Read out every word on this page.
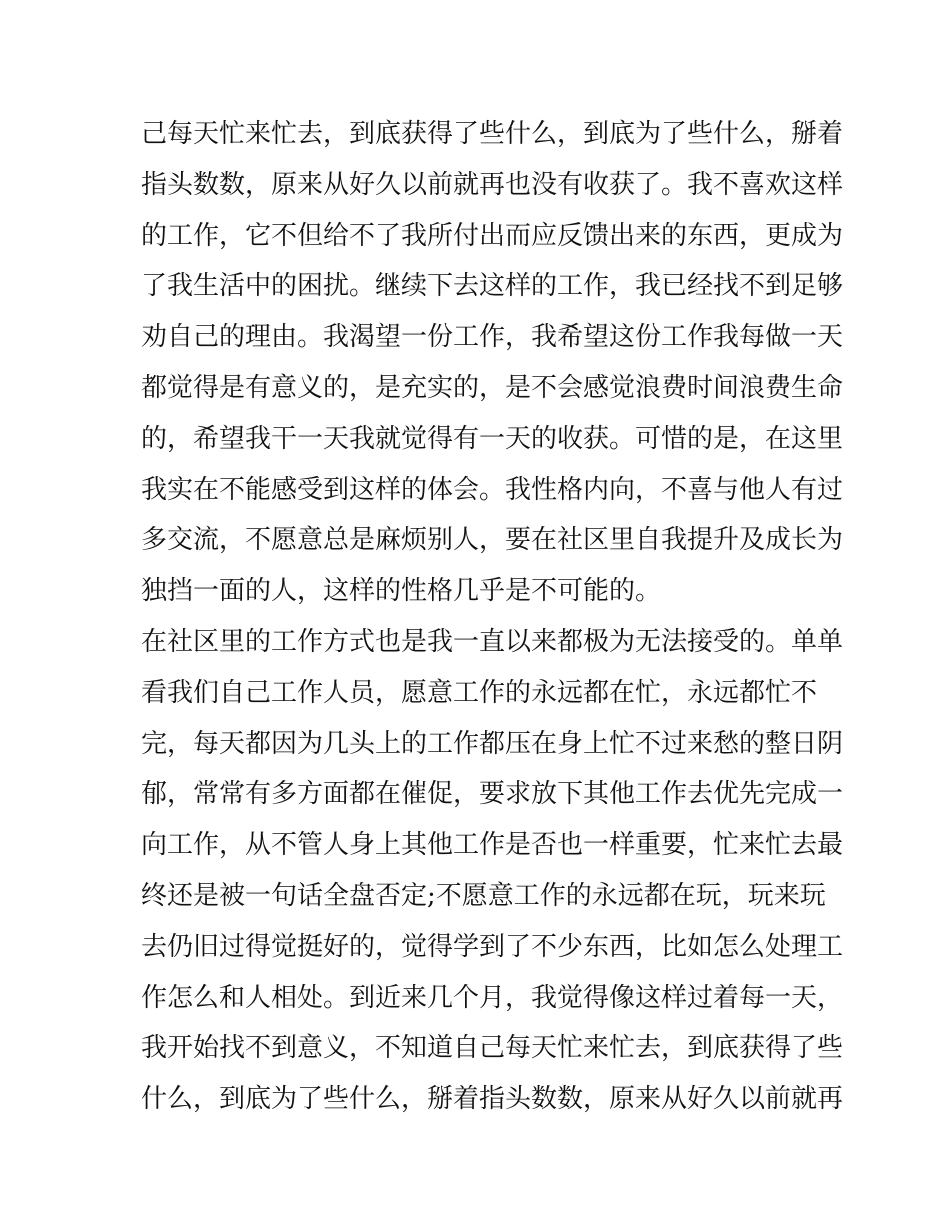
己每天忙来忙去，到底获得了些什么，到底为了些什么，掰着
指头数数，原来从好久以前就再也没有收获了。我不喜欢这样
的工作，它不但给不了我所付出而应反馈出来的东西，更成为
了我生活中的困扰。继续下去这样的工作，我已经找不到足够
劝自己的理由。我渴望一份工作，我希望这份工作我每做一天
都觉得是有意义的，是充实的，是不会感觉浪费时间浪费生命
的，希望我干一天我就觉得有一天的收获。可惜的是，在这里
我实在不能感受到这样的体会。我性格内向，不喜与他人有过
多交流，不愿意总是麻烦别人，要在社区里自我提升及成长为
独挡一面的人，这样的性格几乎是不可能的。
在社区里的工作方式也是我一直以来都极为无法接受的。单单
看我们自己工作人员，愿意工作的永远都在忙，永远都忙不
完，每天都因为几头上的工作都压在身上忙不过来愁的整日阴
郁，常常有多方面都在催促，要求放下其他工作去优先完成一
向工作，从不管人身上其他工作是否也一样重要，忙来忙去最
终还是被一句话全盘否定;不愿意工作的永远都在玩，玩来玩
去仍旧过得觉挺好的，觉得学到了不少东西，比如怎么处理工
作怎么和人相处。到近来几个月，我觉得像这样过着每一天，
我开始找不到意义，不知道自己每天忙来忙去，到底获得了些
什么，到底为了些什么，掰着指头数数，原来从好久以前就再
